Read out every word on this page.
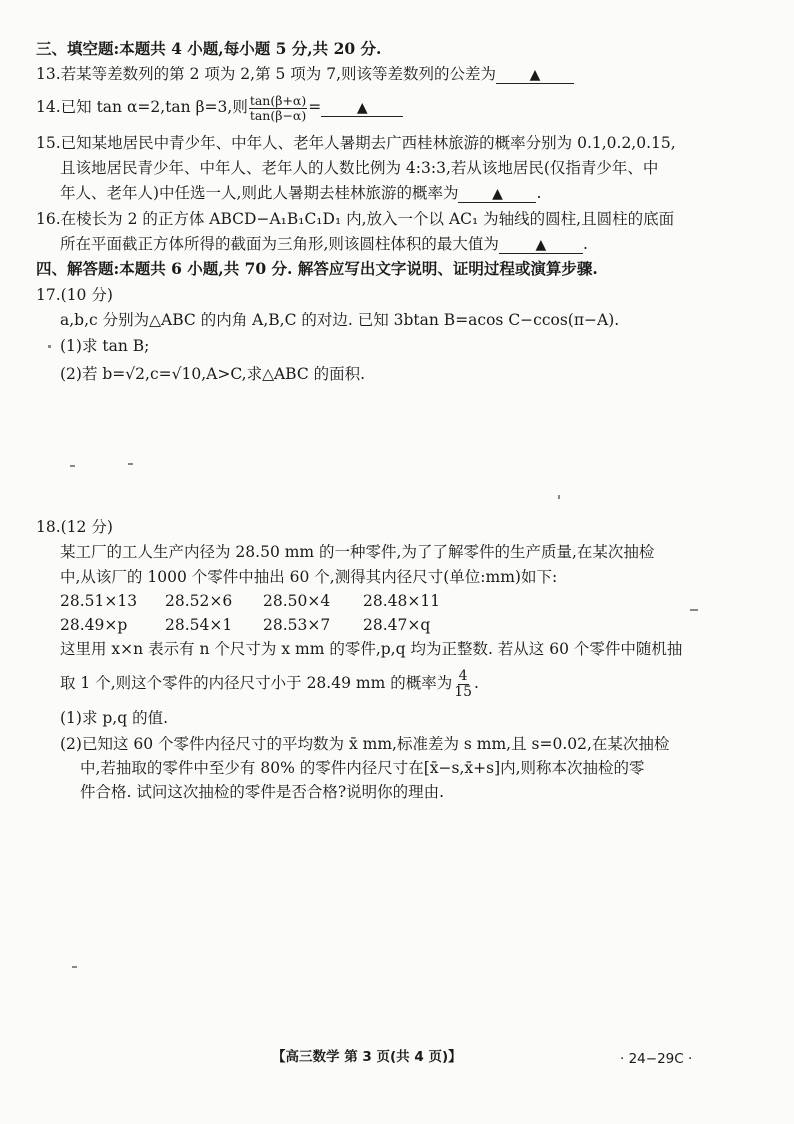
三、填空题:本题共 4 小题,每小题 5 分,共 20 分.
13.若某等差数列的第 2 项为 2,第 5 项为 7,则该等差数列的公差为 ▲
14.已知 tan α=2,tan β=3,则 $\frac{\tan(\beta+\alpha)}{\tan(\beta-\alpha)}$ =	▲
15.已知某地居民中青少年、中年人、老年人暑期去广西桂林旅游的概率分别为 0.1,0.2,0.15,
且该地居民青少年、中年人、老年人的人数比例为 4:3:3,若从该地居民(仅指青少年、中
年人、老年人)中任选一人,则此人暑期去桂林旅游的概率为 ▲ .
16.在棱长为 2 的正方体 ABCD−A₁B₁C₁D₁ 内,放入一个以 AC₁ 为轴线的圆柱,且圆柱的底面
所在平面截正方体所得的截面为三角形,则该圆柱体积的最大值为	▲ .
四、解答题:本题共 6 小题,共 70 分. 解答应写出文字说明、证明过程或演算步骤.
17.(10 分)
a,b,c 分别为△ABC 的内角 A,B,C 的对边. 已知 3btan B=acos C−ccos(π−A).
(1)求 tan B;
(2)若 b=√2,c=√10,A>C,求△ABC 的面积.
18.(12 分)
某工厂的工人生产内径为 28.50 mm 的一种零件,为了了解零件的生产质量,在某次抽检
中,从该厂的 1000 个零件中抽出 60 个,测得其内径尺寸(单位:mm)如下:
28.51×13 28.52×6 28.50×4 28.48×11
28.49×p 28.54×1 28.53×7 28.47×q
这里用 x×n 表示有 n 个尺寸为 x mm 的零件,p,q 均为正整数. 若从这 60 个零件中随机抽
取 1 个,则这个零件的内径尺寸小于 28.49 mm 的概率为 $\frac{4}{15}$ .
(1)求 p,q 的值.
(2)已知这 60 个零件内径尺寸的平均数为 x̄ mm,标准差为 s mm,且 s=0.02,在某次抽检
中,若抽取的零件中至少有 80% 的零件内径尺寸在[x̄−s,x̄+s]内,则称本次抽检的零
件合格. 试问这次抽检的零件是否合格?说明你的理由.
【高三数学 第 3 页(共 4 页)】	· 24−29C ·
